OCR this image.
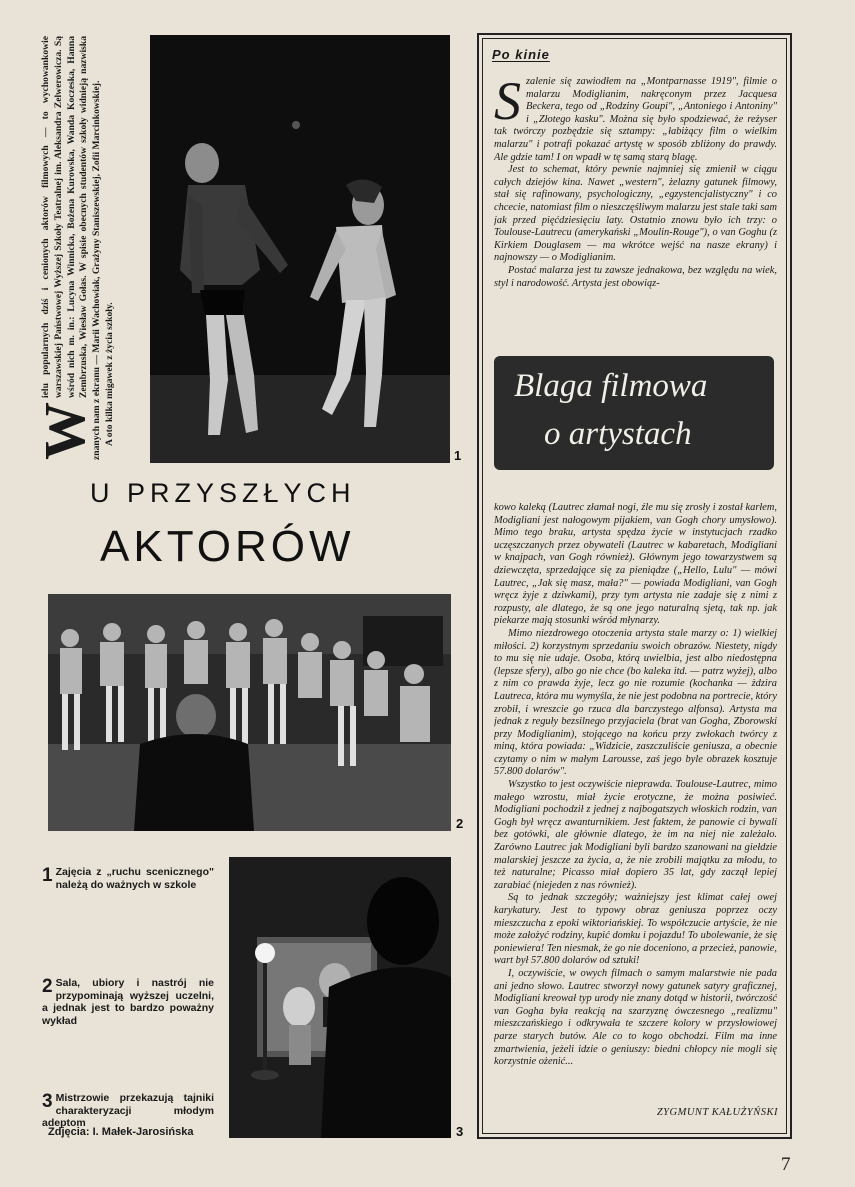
W

ielu popularnych dziś i cenionych aktorów filmowych — to wychowankowie warszawskiej Państwowej Wyższej Szkoły Teatralnej im. Aleksandra Zelwerowicza. Są wśród nich m. in.: Lucyna Winnicka, Bożena Kurowska, Wanda Koczeska, Hanna Zembrzuska, Wiesław Gołas. W spisie obecnych studentów szkoły widnieją nazwiska znanych nam z ekranu — Marii Wachowiak, Grażyny Staniszewskiej, Zofii Marcinkowskiej. A oto kilka migawek z życia szkoły.

1
U PRZYSZŁYCH
AKTORÓW
2
3
1 Zajęcia z „ruchu scenicznego" należą do ważnych w szkole
2 Sala, ubiory i nastrój nie przypominają wyższej uczelni, a jednak jest to bardzo poważny wykład
3 Mistrzowie przekazują tajniki charakteryzacji młodym adeptom
Zdjęcia: I. Małek-Jarosińska
Po kinie
S zalenie się zawiodłem na „Montparnasse 1919", filmie o malarzu Modiglianim, nakręconym przez Jacquesa Beckera, tego od „Rodziny Goupi", „Antoniego i Antoniny" i „Złotego kasku". Można się było spodziewać, że reżyser tak twórczy pozbędzie się sztampy: „łabiżący film o wielkim malarzu" i potrafi pokazać artystę w sposób zbliżony do prawdy. Ale gdzie tam! I on wpadł w tę samą starą blagę.

Jest to schemat, który pewnie najmniej się zmienił w ciągu całych dziejów kina. Nawet „western", żelazny gatunek filmowy, stał się rafinowany, psychologiczny, „egzystencjalistyczny" i co chcecie, natomiast film o nieszczęśliwym malarzu jest stale taki sam jak przed pięćdziesięciu laty. Ostatnio znowu było ich trzy: o Toulouse-Lautrecu (amerykański „Moulin-Rouge"), o van Goghu (z Kirkiem Douglasem — ma wkrótce wejść na nasze ekrany) i najnowszy — o Modiglianim.

Postać malarza jest tu zawsze jednakowa, bez względu na wiek, styl i narodowość. Artysta jest obowiąz-

Blaga filmowa
o artystach

kowo kaleką (Lautrec złamał nogi, źle mu się zrosły i został karłem, Modigliani jest nałogowym pijakiem, van Gogh chory umysłowo). Mimo tego braku, artysta spędza życie w instytucjach rzadko uczęszczanych przez obywateli (Lautrec w kabaretach, Modigliani w knajpach, van Gogh również). Głównym jego towarzystwem są dziewczęta, sprzedające się za pieniądze („Hello, Lulu" — mówi Lautrec, „Jak się masz, mała?" — powiada Modigliani, van Gogh wręcz żyje z dziwkami), przy tym artysta nie zadaje się z nimi z rozpusty, ale dlatego, że są one jego naturalną sjetą, tak np. jak piekarze mają stosunki wśród młynarzy.

Mimo niezdrowego otoczenia artysta stale marzy o: 1) wielkiej miłości. 2) korzystnym sprzedaniu swoich obrazów. Niestety, nigdy to mu się nie udaje. Osoba, którą uwielbia, jest albo niedostępna (lepsze sfery), albo go nie chce (bo kaleka itd. — patrz wyżej), albo z nim co prawda żyje, lecz go nie rozumie (kochanka — żdzira Lautreca, która mu wymyśla, że nie jest podobna na portrecie, który zrobił, i wreszcie go rzuca dla barczystego alfonsa). Artysta ma jednak z reguły bezsilnego przyjaciela (brat van Gogha, Zborowski przy Modiglianim), stojącego na końcu przy zwłokach twórcy z miną, która powiada: „Widzicie, zaszczuliście geniusza, a obecnie czytamy o nim w małym Larousse, zaś jego byle obrazek kosztuje 57.800 dolarów".

Wszystko to jest oczywiście nieprawda. Toulouse-Lautrec, mimo małego wzrostu, miał życie erotyczne, że można posiwieć. Modigliani pochodził z jednej z najbogatszych włoskich rodzin, van Gogh był wręcz awanturnikiem. Jest faktem, że panowie ci bywali bez gotówki, ale głównie dlatego, że im na niej nie zależało. Zarówno Lautrec jak Modigliani byli bardzo szanowani na giełdzie malarskiej jeszcze za życia, a, że nie zrobili majątku za młodu, to też naturalne; Picasso miał dopiero 35 lat, gdy zaczął lepiej zarabiać (niejeden z nas również).

Są to jednak szczegóły; ważniejszy jest klimat całej owej karykatury. Jest to typowy obraz geniusza poprzez oczy mieszczucha z epoki wiktoriańskiej. To współczucie artyście, że nie może założyć rodziny, kupić domku i pojazdu! To ubolewanie, że się poniewiera! Ten niesmak, że go nie doceniono, a przecież, panowie, wart był 57.800 dolarów od sztuki!

I, oczywiście, w owych filmach o samym malarstwie nie pada ani jedno słowo. Lautrec stworzył nowy gatunek satyry graficznej, Modigliani kreował typ urody nie znany dotąd w historii, twórczość van Gogha była reakcją na szarzyznę ówczesnego „realizmu" mieszczańskiego i odkrywała te szczere kolory w przysłowiowej parze starych butów. Ale co to kogo obchodzi. Film ma inne zmartwienia, jeżeli idzie o geniuszy: biedni chłopcy nie mogli się korzystnie ożenić...

ZYGMUNT KAŁUŻYŃSKI
7
